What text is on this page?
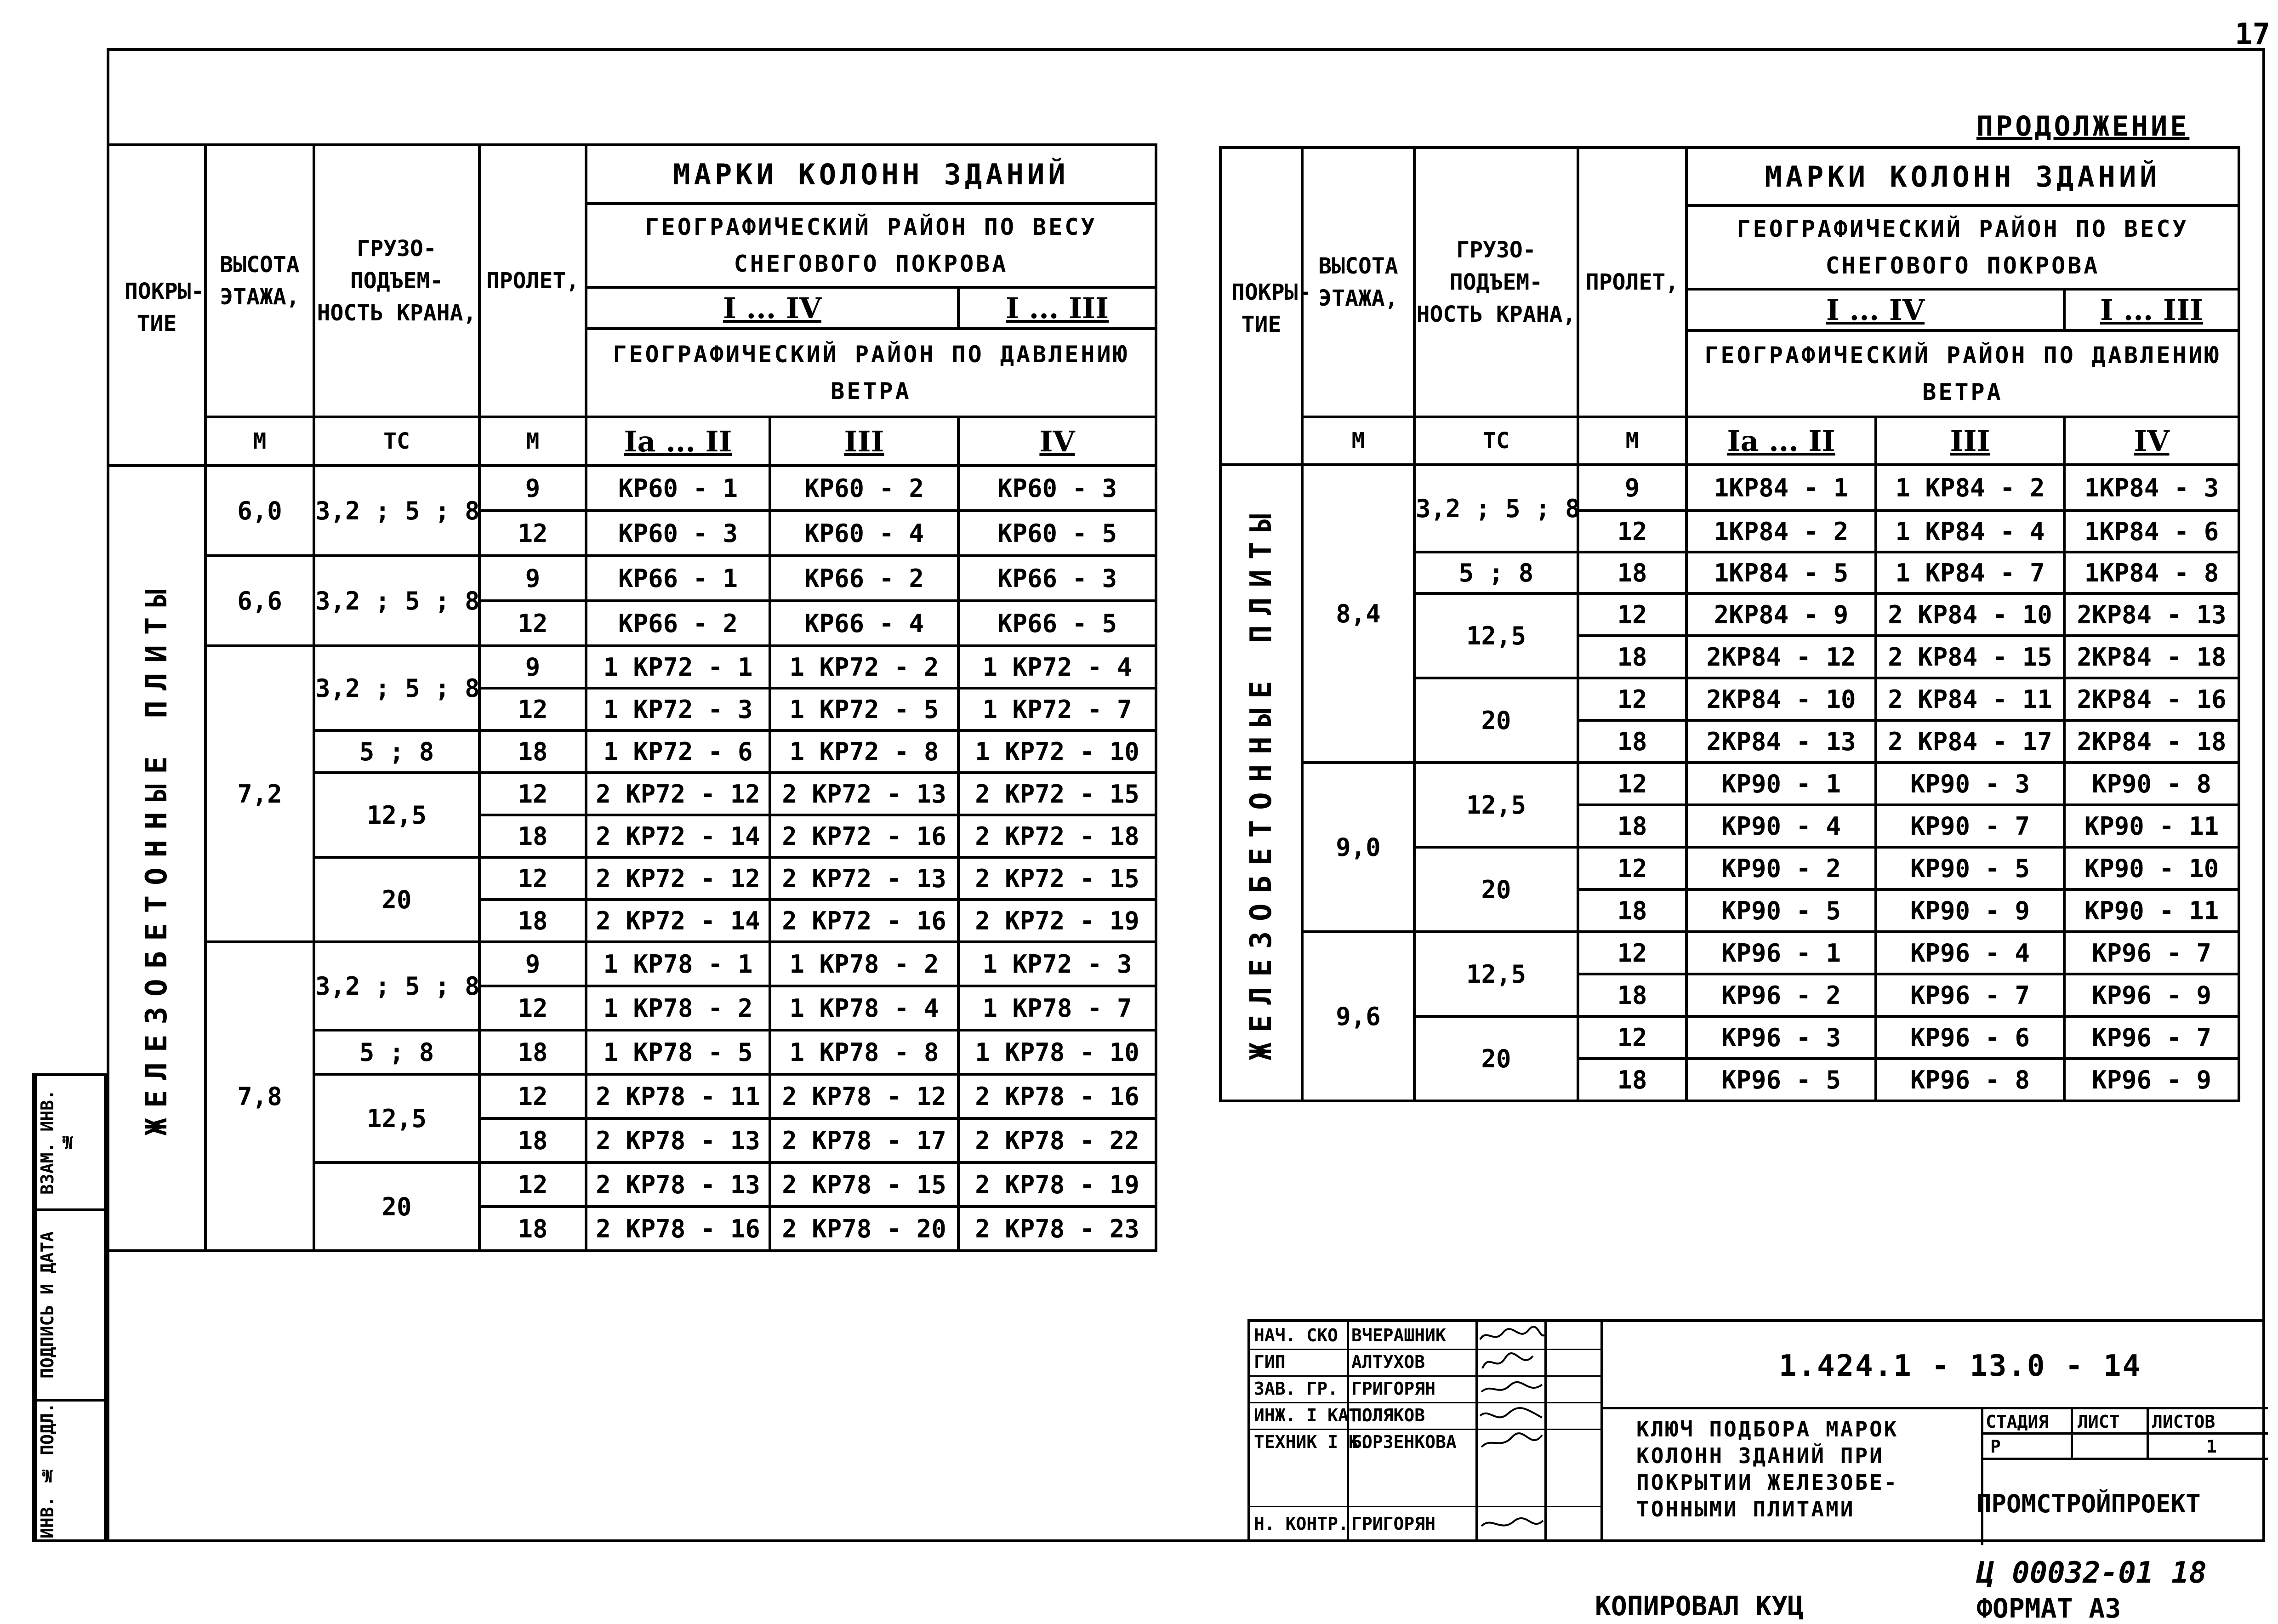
17
ПРОДОЛЖЕНИЕ
ПОКРЫ- ТИЕ	ВЫСОТА ЭТАЖА,	ГРУЗО- ПОДЪЕМ- НОСТЬ КРАНА,	ПРОЛЕТ,	МАРКИ КОЛОНН ЗДАНИЙ		
				ГЕОГРАФИЧЕСКИЙ РАЙОН ПО ВЕСУ СНЕГОВОГО ПОКРОВА		
				I ... IV		I ... III
				ГЕОГРАФИЧЕСКИЙ РАЙОН ПО ДАВЛЕНИЮ ВЕТРА		
	М	ТС	М	Iа ... II	III	IV
ЖЕЛЕЗОБЕТОННЫЕ ПЛИТЫ	6,0	3,2 ; 5 ; 8	9	КР60 - 1	КР60 - 2	КР60 - 3
			12	КР60 - 3	КР60 - 4	КР60 - 5
	6,6	3,2 ; 5 ; 8	9	КР66 - 1	КР66 - 2	КР66 - 3
			12	КР66 - 2	КР66 - 4	КР66 - 5
	7,2	3,2 ; 5 ; 8	9	1 КР72 - 1	1 КР72 - 2	1 КР72 - 4
			12	1 КР72 - 3	1 КР72 - 5	1 КР72 - 7
		5 ; 8	18	1 КР72 - 6	1 КР72 - 8	1 КР72 - 10
		12,5	12	2 КР72 - 12	2 КР72 - 13	2 КР72 - 15
			18	2 КР72 - 14	2 КР72 - 16	2 КР72 - 18
		20	12	2 КР72 - 12	2 КР72 - 13	2 КР72 - 15
			18	2 КР72 - 14	2 КР72 - 16	2 КР72 - 19
	7,8	3,2 ; 5 ; 8	9	1 КР78 - 1	1 КР78 - 2	1 КР72 - 3
			12	1 КР78 - 2	1 КР78 - 4	1 КР78 - 7
		5 ; 8	18	1 КР78 - 5	1 КР78 - 8	1 КР78 - 10
		12,5	12	2 КР78 - 11	2 КР78 - 12	2 КР78 - 16
			18	2 КР78 - 13	2 КР78 - 17	2 КР78 - 22
		20	12	2 КР78 - 13	2 КР78 - 15	2 КР78 - 19
			18	2 КР78 - 16	2 КР78 - 20	2 КР78 - 23
ПОКРЫ- ТИЕ	ВЫСОТА ЭТАЖА,	ГРУЗО- ПОДЪЕМ- НОСТЬ КРАНА,	ПРОЛЕТ,	МАРКИ КОЛОНН ЗДАНИЙ		
				ГЕОГРАФИЧЕСКИЙ РАЙОН ПО ВЕСУ СНЕГОВОГО ПОКРОВА		
				I ... IV		I ... III
				ГЕОГРАФИЧЕСКИЙ РАЙОН ПО ДАВЛЕНИЮ ВЕТРА		
	М	ТС	М	Iа ... II	III	IV
ЖЕЛЕЗОБЕТОННЫЕ ПЛИТЫ	8,4	3,2 ; 5 ; 8	9	1КР84 - 1	1 КР84 - 2	1КР84 - 3
			12	1КР84 - 2	1 КР84 - 4	1КР84 - 6
		5 ; 8	18	1КР84 - 5	1 КР84 - 7	1КР84 - 8
		12,5	12	2КР84 - 9	2 КР84 - 10	2КР84 - 13
			18	2КР84 - 12	2 КР84 - 15	2КР84 - 18
		20	12	2КР84 - 10	2 КР84 - 11	2КР84 - 16
			18	2КР84 - 13	2 КР84 - 17	2КР84 - 18
	9,0	12,5	12	КР90 - 1	КР90 - 3	КР90 - 8
			18	КР90 - 4	КР90 - 7	КР90 - 11
		20	12	КР90 - 2	КР90 - 5	КР90 - 10
			18	КР90 - 5	КР90 - 9	КР90 - 11
	9,6	12,5	12	КР96 - 1	КР96 - 4	КР96 - 7
			18	КР96 - 2	КР96 - 7	КР96 - 9
		20	12	КР96 - 3	КР96 - 6	КР96 - 7
			18	КР96 - 5	КР96 - 8	КР96 - 9
ВЗАМ. ИНВ. №
ПОДПИСЬ И ДАТА
ИНВ. № ПОДЛ.
НАЧ. СКО ВЧЕРАШНИК
ГИП	АЛТУХОВ
ЗАВ. ГР. ГРИГОРЯН
ИНЖ. I КАТ.
ПОЛЯКОВ
ТЕХНИК I К.
БОРЗЕНКОВА
Н. КОНТР. ГРИГОРЯН
СТАДИЯ ЛИСТ ЛИСТОВ
Р	1
1.424.1 - 13.0 - 14
КЛЮЧ ПОДБОРА МАРОК КОЛОНН ЗДАНИЙ ПРИ ПОКРЫТИИ ЖЕЛЕЗОБЕ- ТОННЫМИ ПЛИТАМИ	ПРОМСТРОЙПРОЕКТ
КОПИРОВАЛ КУЦ
Ц 00032-01 18
ФОРМАТ А3
